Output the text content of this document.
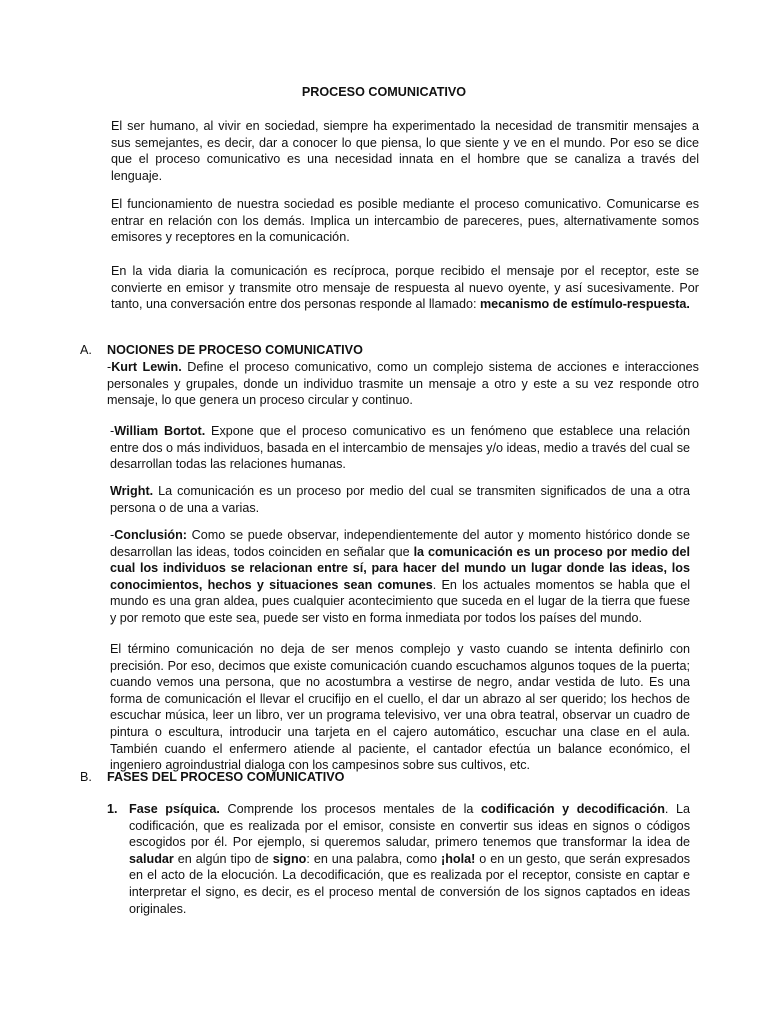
PROCESO COMUNICATIVO

El ser humano, al vivir en sociedad, siempre ha experimentado la necesidad de transmitir mensajes a sus semejantes, es decir, dar a conocer lo que piensa, lo que siente y ve en el mundo. Por eso se dice que el proceso comunicativo es una necesidad innata en el hombre que se canaliza a través del lenguaje.

El funcionamiento de nuestra sociedad es posible mediante el proceso comunicativo. Comunicarse es entrar en relación con los demás. Implica un intercambio de pareceres, pues, alternativamente somos emisores y receptores en la comunicación.

En la vida diaria la comunicación es recíproca, porque recibido el mensaje por el receptor, este se convierte en emisor y transmite otro mensaje de respuesta al nuevo oyente, y así sucesivamente. Por tanto, una conversación entre dos personas responde al llamado: mecanismo de estímulo-respuesta.

A. NOCIONES DE PROCESO COMUNICATIVO

-Kurt Lewin. Define el proceso comunicativo, como un complejo sistema de acciones e interacciones personales y grupales, donde un individuo trasmite un mensaje a otro y este a su vez responde otro mensaje, lo que genera un proceso circular y continuo.

-William Bortot. Expone que el proceso comunicativo es un fenómeno que establece una relación entre dos o más individuos, basada en el intercambio de mensajes y/o ideas, medio a través del cual se desarrollan todas las relaciones humanas.

Wright. La comunicación es un proceso por medio del cual se transmiten significados de una a otra persona o de una a varias.

-Conclusión: Como se puede observar, independientemente del autor y momento histórico donde se desarrollan las ideas, todos coinciden en señalar que la comunicación es un proceso por medio del cual los individuos se relacionan entre sí, para hacer del mundo un lugar donde las ideas, los conocimientos, hechos y situaciones sean comunes. En los actuales momentos se habla que el mundo es una gran aldea, pues cualquier acontecimiento que suceda en el lugar de la tierra que fuese y por remoto que este sea, puede ser visto en forma inmediata por todos los países del mundo.

El término comunicación no deja de ser menos complejo y vasto cuando se intenta definirlo con precisión. Por eso, decimos que existe comunicación cuando escuchamos algunos toques de la puerta; cuando vemos una persona, que no acostumbra a vestirse de negro, andar vestida de luto. Es una forma de comunicación el llevar el crucifijo en el cuello, el dar un abrazo al ser querido; los hechos de escuchar música, leer un libro, ver un programa televisivo, ver una obra teatral, observar un cuadro de pintura o escultura, introducir una tarjeta en el cajero automático, escuchar una clase en el aula. También cuando el enfermero atiende al paciente, el cantador efectúa un balance económico, el ingeniero agroindustrial dialoga con los campesinos sobre sus cultivos, etc.

B. FASES DEL PROCESO COMUNICATIVO
1. Fase psíquica. Comprende los procesos mentales de la codificación y decodificación. La codificación, que es realizada por el emisor, consiste en convertir sus ideas en signos o códigos escogidos por él. Por ejemplo, si queremos saludar, primero tenemos que transformar la idea de saludar en algún tipo de signo: en una palabra, como ¡hola! o en un gesto, que serán expresados en el acto de la elocución. La decodificación, que es realizada por el receptor, consiste en captar e interpretar el signo, es decir, es el proceso mental de conversión de los signos captados en ideas originales.
